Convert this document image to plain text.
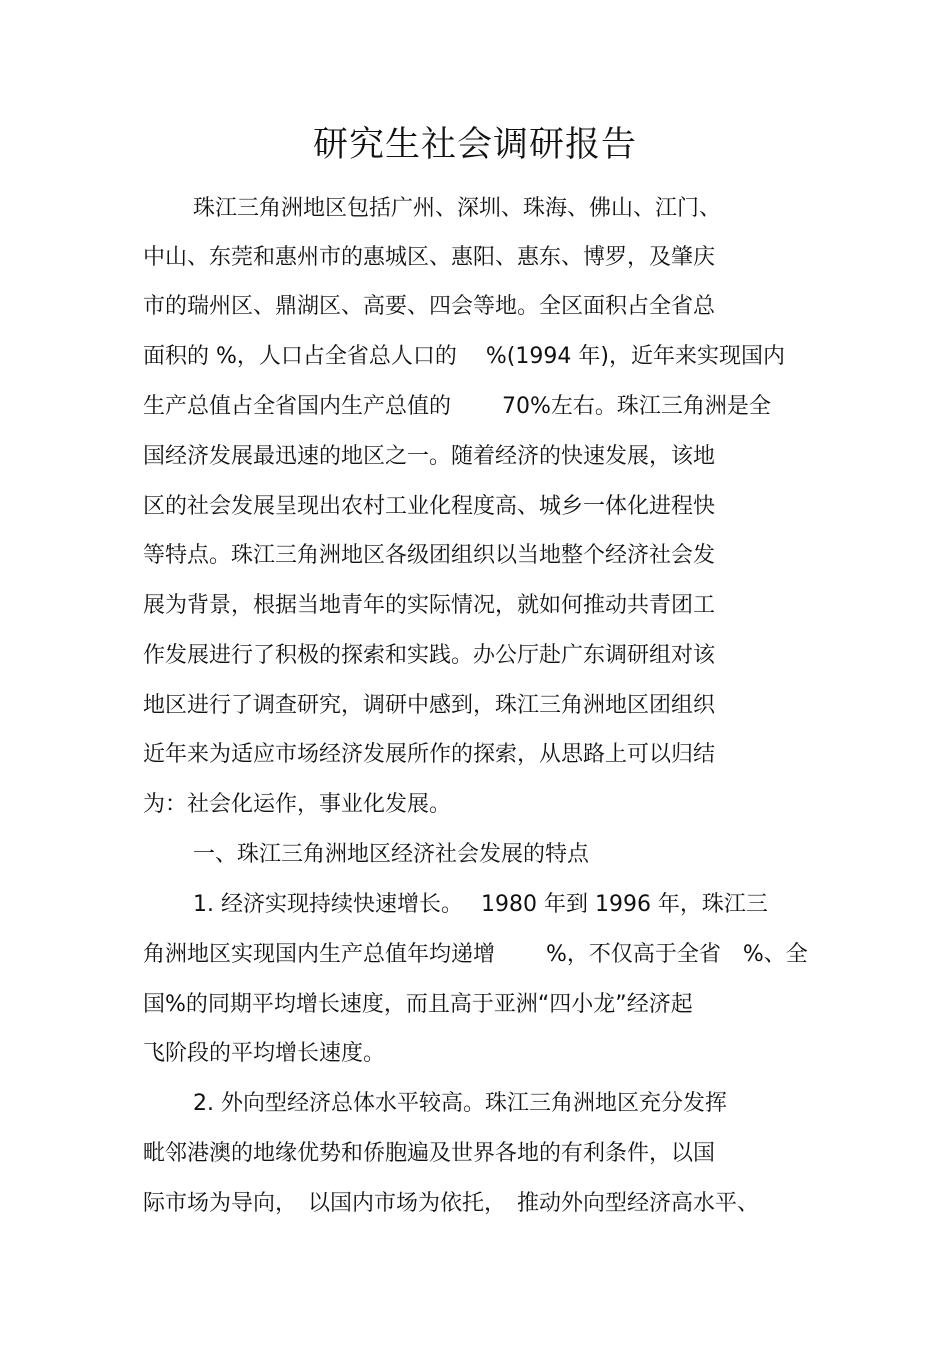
研究生社会调研报告

珠江三角洲地区包括广州、深圳、珠海、佛山、江门、

中山、东莞和惠州市的惠城区、惠阳、惠东、博罗，及肇庆

市的瑞州区、鼎湖区、高要、四会等地。全区面积占全省总

面积的 %，人口占全省总人口的　 %(1994 年)，近年来实现国内

生产总值占全省国内生产总值的　　 70%左右。珠江三角洲是全

国经济发展最迅速的地区之一。随着经济的快速发展，该地

区的社会发展呈现出农村工业化程度高、城乡一体化进程快

等特点。珠江三角洲地区各级团组织以当地整个经济社会发

展为背景，根据当地青年的实际情况，就如何推动共青团工

作发展进行了积极的探索和实践。办公厅赴广东调研组对该

地区进行了调查研究，调研中感到，珠江三角洲地区团组织

近年来为适应市场经济发展所作的探索，从思路上可以归结

为：社会化运作，事业化发展。

一、珠江三角洲地区经济社会发展的特点

1. 经济实现持续快速增长。　 1980 年到 1996 年，珠江三

角洲地区实现国内生产总值年均递增　　 %，不仅高于全省　%、全

国%的同期平均增长速度，而且高于亚洲“四小龙”经济起

飞阶段的平均增长速度。

2. 外向型经济总体水平较高。珠江三角洲地区充分发挥

毗邻港澳的地缘优势和侨胞遍及世界各地的有利条件，以国

际市场为导向，　以国内市场为依托，　推动外向型经济高水平、
